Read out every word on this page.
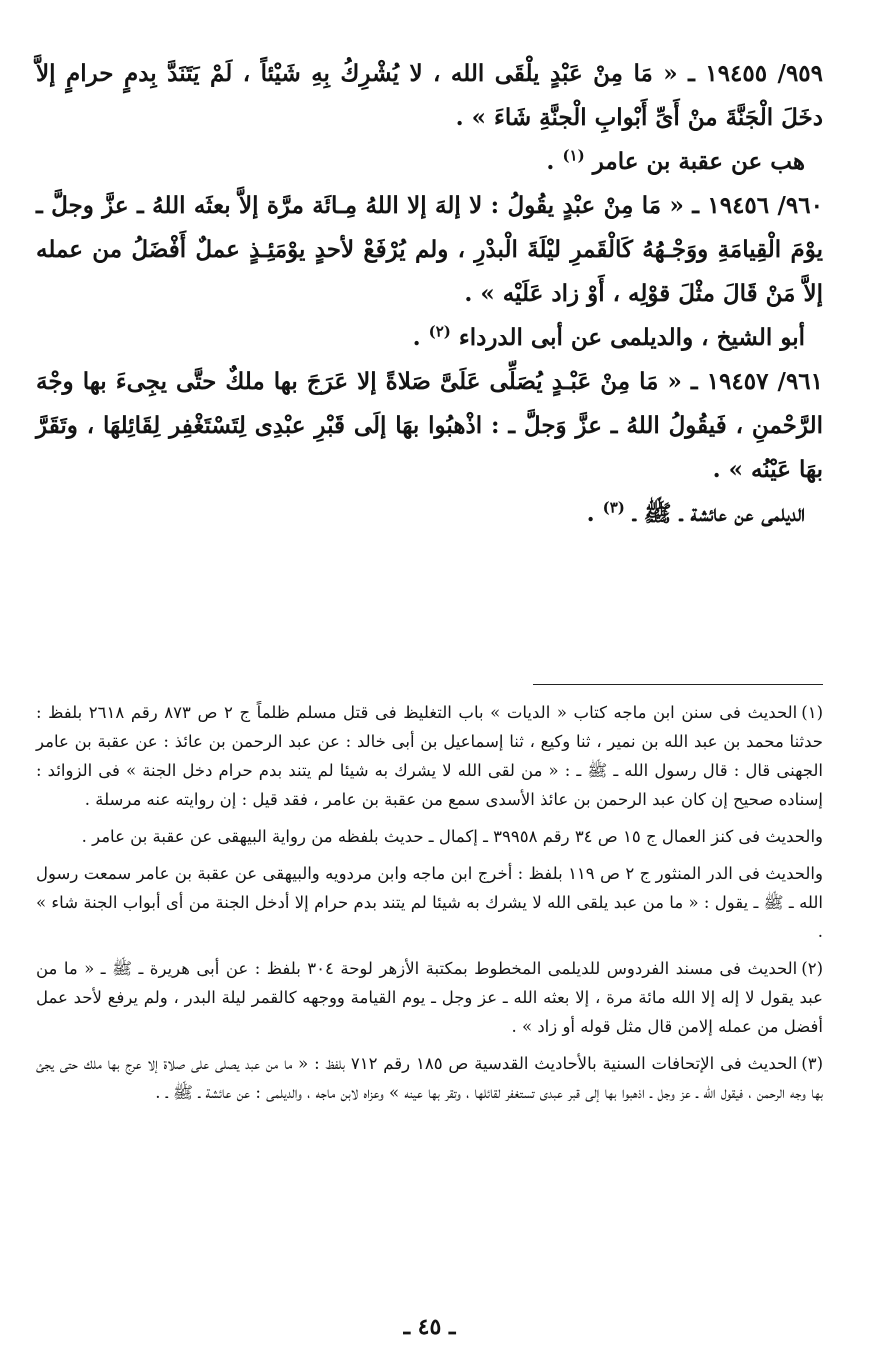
٩٥٩/ ١٩٤٥٥ ـ « مَا مِنْ عَبْدٍ يلْقَى الله ، لا يُشْرِكُ بِهِ شَيْئاً ، لَمْ يَتَنَدَّ بِدمٍ حرامٍ إلاَّ دخَلَ الْجَنَّةَ منْ أَىِّ أَبْوابِ الْجنَّةِ شَاءَ » .

هب عن عقبة بن عامر $^{(١)}$ .

٩٦٠/ ١٩٤٥٦ ـ « مَا مِنْ عبْدٍ يقُولُ : لا إلهَ إلا اللهُ مِـائَة مرَّة إلاَّ بعثَه اللهُ ـ عزَّ وجلَّ ـ يوْمَ الْقِيامَةِ ووَجْـهُهُ كَالْقَمرِ ليْلَةَ الْبدْرِ ، ولم يُرْفَعْ لأحدٍ يوْمَئِـذٍ عملٌ أَفْضَلُ من عمله إلاَّ مَنْ قَالَ مثْلَ قوْلِه ، أَوْ زاد عَلَيْه » .

أبو الشيخ ، والديلمى عن أبى الدرداء $^{(٢)}$ .

٩٦١/ ١٩٤٥٧ ـ « مَا مِنْ عَبْـدٍ يُصَلِّى عَلَىَّ صَلاةً إلا عَرَجَ بها ملكٌ حتَّى يجِىءَ بها وجْهَ الرَّحْمنِ ، فَيقُولُ اللهُ ـ عزَّ وَجلَّ ـ : اذْهبُوا بهَا إلَى قَبْرِ عبْدِى لِتَسْتَغْفِر لِقَائِلهَا ، وتَقَرَّ بهَا عَيْنُه » .

الديلمى عن عائشة ـ ﷺ ـ $^{(٣)}$ .

(١)الحديث فى سنن ابن ماجه كتاب « الديات » باب التغليظ فى قتل مسلم ظلماً ج ٢ ص ٨٧٣ رقم ٢٦١٨ بلفظ : حدثنا محمد بن عبد الله بن نمير ، ثنا وكيع ، ثنا إسماعيل بن أبى خالد : عن عبد الرحمن بن عائذ : عن عقبة بن عامر الجهنى قال : قال رسول الله ـ ﷺ ـ : « من لقى الله لا يشرك به شيئا لم يتند بدم حرام دخل الجنة » فى الزوائد : إسناده صحيح إن كان عبد الرحمن بن عائذ الأسدى سمع من عقبة بن عامر ، فقد قيل : إن روايته عنه مرسلة .

والحديث فى كنز العمال ج ١٥ ص ٣٤ رقم ٣٩٩٥٨ ـ إكمال ـ حديث بلفظه من رواية البيهقى عن عقبة بن عامر .

والحديث فى الدر المنثور ج ٢ ص ١١٩ بلفظ : أخرج ابن ماجه وابن مردويه والبيهقى عن عقبة بن عامر سمعت رسول الله ـ ﷺ ـ يقول : « ما من عبد يلقى الله لا يشرك به شيئا لم يتند بدم حرام إلا أدخل الجنة من أى أبواب الجنة شاء » .

(٢)الحديث فى مسند الفردوس للديلمى المخطوط بمكتبة الأزهر لوحة ٣٠٤ بلفظ : عن أبى هريرة ـ ﷺ ـ « ما من عبد يقول لا إله إلا الله مائة مرة ، إلا بعثه الله ـ عز وجل ـ يوم القيامة ووجهه كالقمر ليلة البدر ، ولم يرفع لأحد عمل أفضل من عمله إلامن قال مثل قوله أو زاد » .

(٣)الحديث فى الإتحافات السنية بالأحاديث القدسية ص ١٨٥ رقم ٧١٢ بلفظ : « ما من عبد يصلى على صلاة إلا عرج بها ملك حتى يجئ بها وجه الرحمن ، فيقول الله ـ عز وجل ـ اذهبوا بها إلى قبر عبدى تستغفر لقائلها ، وتقر بها عينه » وعزاه لابن ماجه ، والديلمى : عن عائشة ـ ﷺ ـ .

ـ ٤٥ ـ
